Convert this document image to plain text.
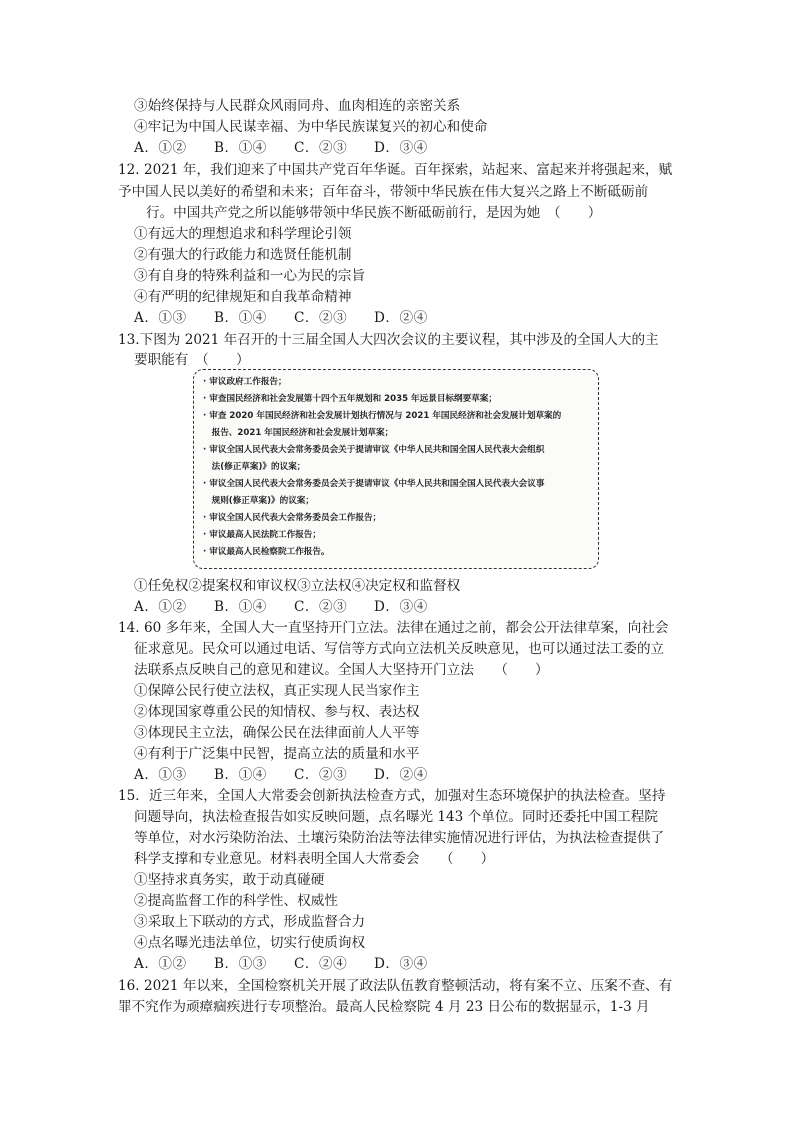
③始终保持与人民群众风雨同舟、血肉相连的亲密关系
④牢记为中国人民谋幸福、为中华民族谋复兴的初心和使命
A．①② B．①④ C．②③ D．③④
12. 2021 年，我们迎来了中国共产党百年华诞。百年探索，站起来、富起来并将强起来，赋
予中国人民以美好的希望和未来；百年奋斗，带领中华民族在伟大复兴之路上不断砥砺前
行。中国共产党之所以能够带领中华民族不断砥砺前行，是因为她　（　　）
①有远大的理想追求和科学理论引领
②有强大的行政能力和选贤任能机制
③有自身的特殊利益和一心为民的宗旨
④有严明的纪律规矩和自我革命精神
A．①③ B．①④ C．②③ D．②④
13.下图为 2021 年召开的十三届全国人大四次会议的主要议程，其中涉及的全国人大的主
要职能有　（　　）
· 审议政府工作报告；
· 审查国民经济和社会发展第十四个五年规划和 2035 年远景目标纲要草案；
· 审查 2020 年国民经济和社会发展计划执行情况与 2021 年国民经济和社会发展计划草案的
　报告、2021 年国民经济和社会发展计划草案；
· 审议全国人民代表大会常务委员会关于提请审议《中华人民共和国全国人民代表大会组织
　法(修正草案)》的议案；
· 审议全国人民代表大会常务委员会关于提请审议《中华人民共和国全国人民代表大会议事
　规则(修正草案)》的议案；
· 审议全国人民代表大会常务委员会工作报告；
· 审议最高人民法院工作报告；
· 审议最高人民检察院工作报告。
①任免权②提案权和审议权③立法权④决定权和监督权
A．①② B．①④ C．②③ D．③④
14. 60 多年来，全国人大一直坚持开门立法。法律在通过之前，都会公开法律草案，向社会
征求意见。民众可以通过电话、写信等方式向立法机关反映意见，也可以通过法工委的立
法联系点反映自己的意见和建议。全国人大坚持开门立法　　（　　）
①保障公民行使立法权，真正实现人民当家作主
②体现国家尊重公民的知情权、参与权、表达权
③体现民主立法，确保公民在法律面前人人平等
④有利于广泛集中民智，提高立法的质量和水平
A．①③ B．①④ C．②③ D．②④
15．近三年来，全国人大常委会创新执法检查方式，加强对生态环境保护的执法检查。坚持
问题导向，执法检查报告如实反映问题，点名曝光 143 个单位。同时还委托中国工程院
等单位，对水污染防治法、土壤污染防治法等法律实施情况进行评估，为执法检查提供了
科学支撑和专业意见。材料表明全国人大常委会　　（　　）
①坚持求真务实，敢于动真碰硬
②提高监督工作的科学性、权威性
③采取上下联动的方式，形成监督合力
④点名曝光违法单位，切实行使质询权
A．①② B．①③ C．②④ D．③④
16. 2021 年以来，全国检察机关开展了政法队伍教育整顿活动，将有案不立、压案不查、有
罪不究作为顽瘴痼疾进行专项整治。最高人民检察院 4 月 23 日公布的数据显示，1-3 月
